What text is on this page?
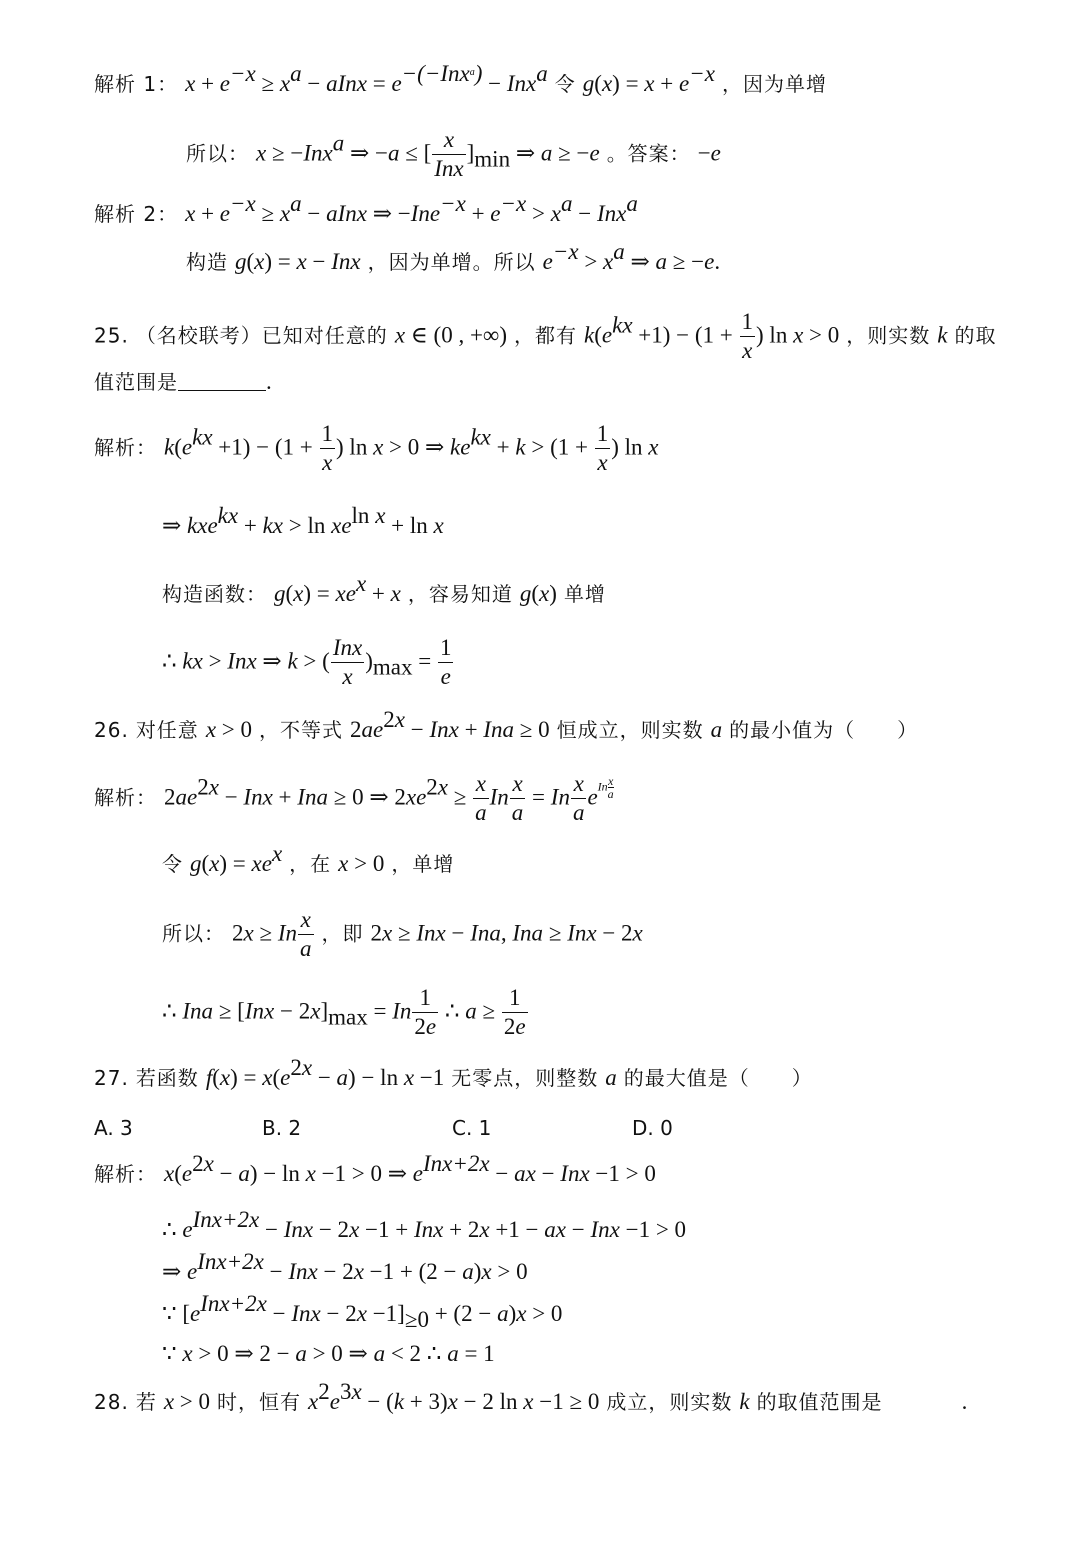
解析 1： $x + e^{-x} \ge x^a$ − aInx = $e^{-(-Inx^a)} - Inx^a$ 令 $g(x) = x + e^{-x}$ ，因为单增
所以： x ≥ −Inx$^a$ ⇒ −a ≤ [ $\frac{x}{\text{Inx}} ]_{min}$ ⇒ a ≥ −e 。答案： −e
解析 2： $x + e^{-x} \ge x^a$ − aInx ⇒ $-Ine^{-x} + e^{-x} > x^a - Inx^a$
构造 g(x) = x − Inx ，因为单增。所以 $e^{-x} > x^a$ ⇒ a ≥ −e.
25. （名校联考）已知对任意的 x ∈ (0 , +∞) ，都有 $k(e^{kx} +1) - (1 + \frac{1}{x}$ ) ln x > 0 ，则实数 k 的取
值范围是	.
解析： $k(e^{kx} +1) - (1 + \frac{1}{x}$ ) ln x > 0 ⇒ $ke^{kx} + k > (1 + \frac{1}{x}$ ) ln x
⇒ kxe$^{kx}$ + kx > $\ln xe^{ln x} + \ln x$
构造函数： $g(x) = xe^x + x$ ，容易知道 g(x) 单增
∴ kx > Inx ⇒ k > ( $\frac{\text{Inx}}{x} )_{max} = \frac{1}{e}$
26. 对任意 x > 0 ，不等式 $2ae^{2x}$ − Inx + Ina ≥ 0 恒成立，则实数 a 的最小值为（　　）
解析： $2ae^{2x}$ − Inx + Ina ≥ 0 ⇒ $2xe^{2x} \ge \frac{x}{a}$ In $\frac{x}{a} = In \frac{x}{a}$ eIn $\frac{x}{a}$
令 $g(x) = xe^x$ ，在 x > 0 ，单增
所以： 2x ≥ In $\frac{x}{a}$ ，即 2x ≥ Inx − Ina, Ina ≥ Inx − 2x
∴ Ina ≥ $[Inx - 2x]_{max} = In \frac{1}{2e}$ ∴ $a \ge \frac{1}{2e}$
27. 若函数 $f(x) = x(e^{2x} - a) - \ln x -1$ 无零点，则整数 a 的最大值是（　　）
A. 3	B. 2	C. 1	D. 0
解析： $x(e^{2x} - a) - \ln x -1 > 0$ ⇒ $e^{Inx+2x}$ − ax − Inx −1 > 0
∴ $e^{Inx+2x}$ − Inx − 2x −1 + Inx + 2x +1 − ax − Inx −1 > 0
⇒ $e^{Inx+2x}$ − Inx − 2x −1 + (2 − a)x > 0
∵ [$e^{Inx+2x}$ − Inx − $2x -1]_{\ge 0} + (2 - a)x > 0$
∵ x > 0 ⇒ 2 − a > 0 ⇒ a < 2 ∴ a = 1
28. 若 x > 0 时，恒有 $x^2e^{3x} - (k + 3)x - 2$ ln x −1 ≥ 0 成立，则实数 k 的取值范围是	.
